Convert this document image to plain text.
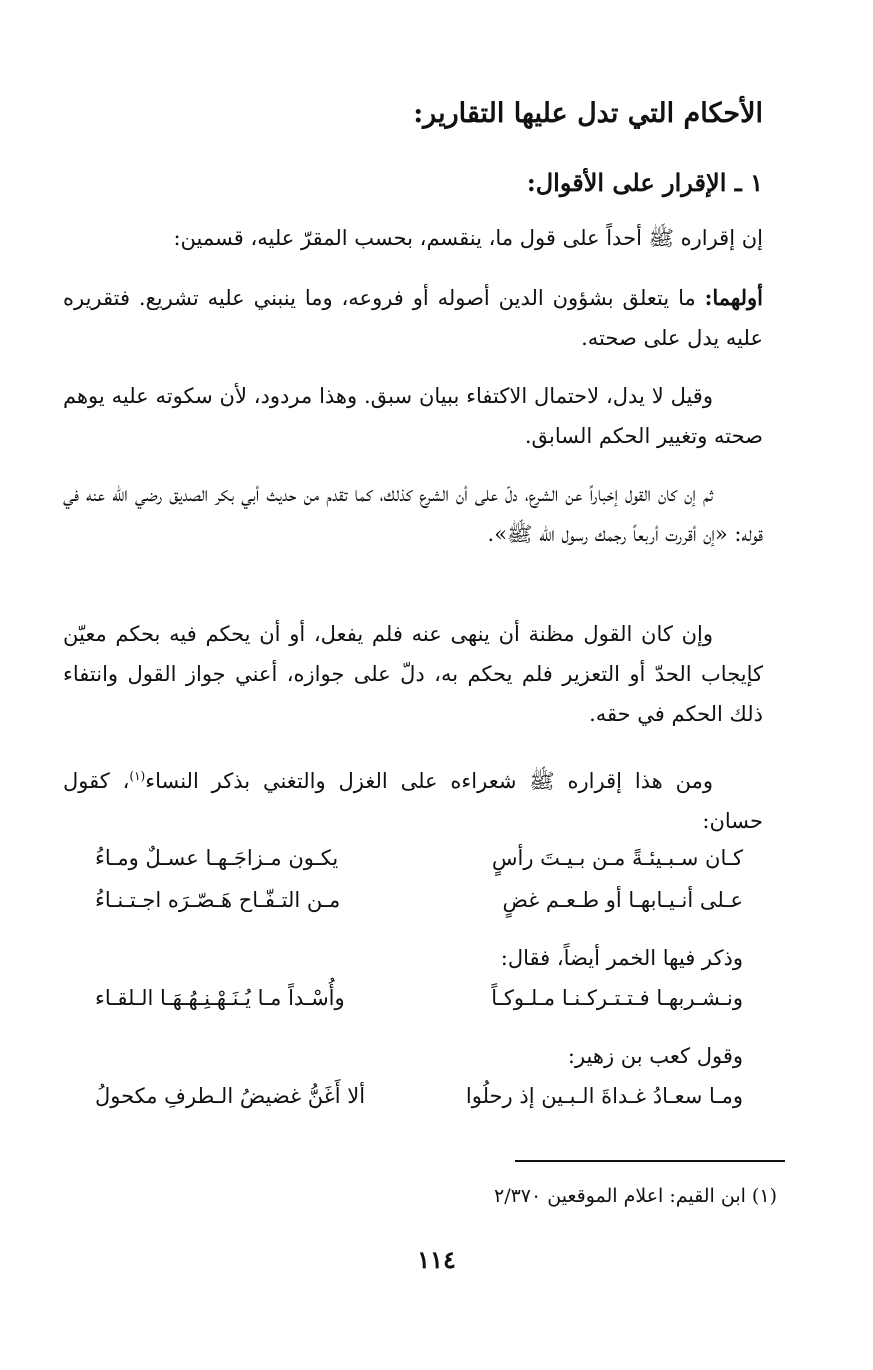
الأحكام التي تدل عليها التقارير:
١ ـ الإقرار على الأقوال:
إن إقراره ﷺ أحداً على قول ما، ينقسم، بحسب المقرّ عليه، قسمين:
أولهما: ما يتعلق بشؤون الدين أصوله أو فروعه، وما ينبني عليه تشريع. فتقريره عليه يدل على صحته.
وقيل لا يدل، لاحتمال الاكتفاء ببيان سبق. وهذا مردود، لأن سكوته عليه يوهم صحته وتغيير الحكم السابق.
ثم إن كان القول إخباراً عن الشرع، دلّ على أن الشرع كذلك، كما تقدم من حديث أبي بكر الصديق رضي الله عنه في قوله: «إن أقررت أربعاً رجمك رسول الله ﷺ».
وإن كان القول مظنة أن ينهى عنه فلم يفعل، أو أن يحكم فيه بحكم معيّن كإيجاب الحدّ أو التعزير فلم يحكم به، دلّ على جوازه، أعني جواز القول وانتفاء ذلك الحكم في حقه.
ومن هذا إقراره ﷺ شعراءه على الغزل والتغني بذكر النساء$^{(١)}$، كقول حسان:
كـان سـبـيئـةً مـن بـيـتَ رأسٍ
يكـون مـزاجَـهـا عسـلٌ ومـاءُ
عـلى أنـيـابهـا أو طـعـم غضٍ
مـن التـفّـاح هَـصّـرَه اجـتـنـاءُ
وذكر فيها الخمر أيضاً، فقال:
ونـشـربهـا فـتـتـركـنـا مـلـوكـاً
وأُسْـداً مـا يُـنَـهْـنِـهُـهَـا الـلقـاء
وقول كعب بن زهير:
ومـا سعـادُ غـداةَ الـبـين إذ رحلُوا
ألا أَغَنُّ غضيضُ الـطرفِ مكحولُ
(١) ابن القيم: اعلام الموقعين ٢/٣٧٠
١١٤
